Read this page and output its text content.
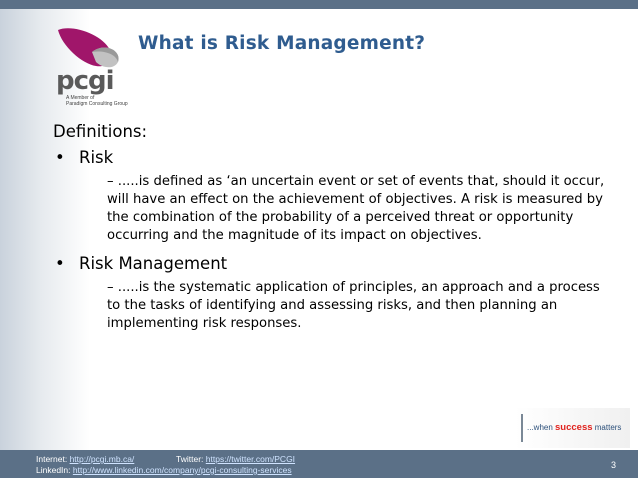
pcgi
A Member of
Paradigm Consulting Group
What is Risk Management?
Definitions:
• Risk
– .....is defined as ‘an uncertain event or set of events that, should it occur, will have an effect on the achievement of objectives. A risk is measured by the combination of the probability of a perceived threat or opportunity occurring and the magnitude of its impact on objectives.
• Risk Management
– .....is the systematic application of principles, an approach and a process to the tasks of identifying and assessing risks, and then planning an implementing risk responses.
...when success matters
Internet: http://pcgi.mb.ca/	Twitter: https://twitter.com/PCGI
LinkedIn: http://www.linkedin.com/company/pcgi-consulting-services	3
